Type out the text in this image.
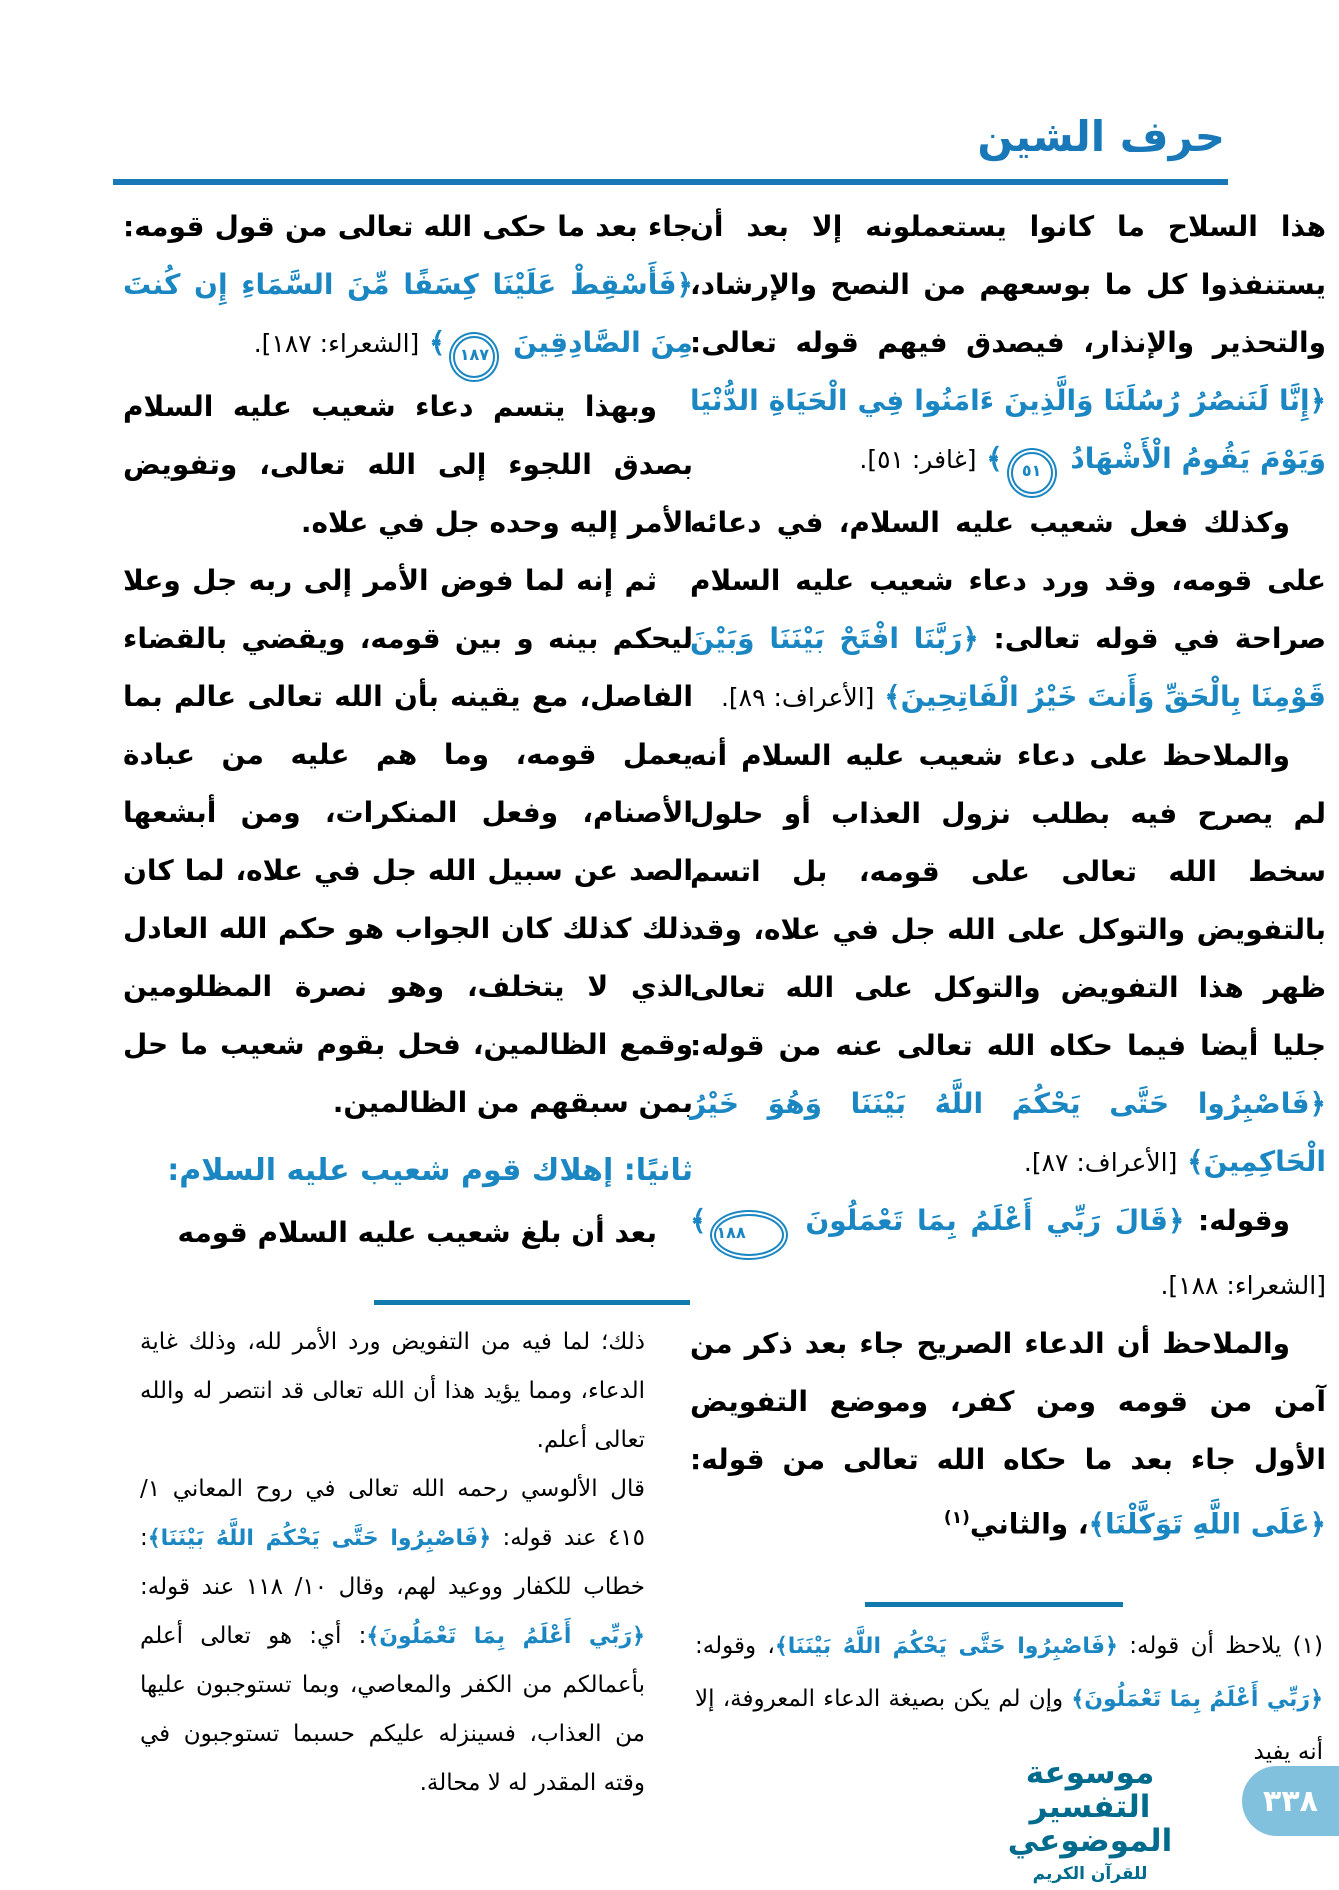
حرف الشين

هذا السلاح ما كانوا يستعملونه إلا بعد أن يستنفذوا كل ما بوسعهم من النصح والإرشاد، والتحذير والإنذار، فيصدق فيهم قوله تعالى: ﴿إِنَّا لَنَنصُرُ رُسُلَنَا وَالَّذِينَ ءَامَنُوا فِي الْحَيَاةِ الدُّنْيَا وَيَوْمَ يَقُومُ الْأَشْهَادُ ٥١﴾ [غافر: ٥١].

وكذلك فعل شعيب عليه السلام، في دعائه على قومه، وقد ورد دعاء شعيب عليه السلام صراحة في قوله تعالى: ﴿رَبَّنَا افْتَحْ بَيْنَنَا وَبَيْنَ قَوْمِنَا بِالْحَقِّ وَأَنتَ خَيْرُ الْفَاتِحِينَ﴾ [الأعراف: ٨٩].

والملاحظ على دعاء شعيب عليه السلام أنه لم يصرح فيه بطلب نزول العذاب أو حلول سخط الله تعالى على قومه، بل اتسم بالتفويض والتوكل على الله جل في علاه، وقد ظهر هذا التفويض والتوكل على الله تعالى جليا أيضا فيما حكاه الله تعالى عنه من قوله: ﴿فَاصْبِرُوا حَتَّى يَحْكُمَ اللَّهُ بَيْنَنَا وَهُوَ خَيْرُ الْحَاكِمِينَ﴾ [الأعراف: ٨٧].

وقوله: ﴿قَالَ رَبِّي أَعْلَمُ بِمَا تَعْمَلُونَ ١٨٨﴾ [الشعراء: ١٨٨].

والملاحظ أن الدعاء الصريح جاء بعد ذكر من آمن من قومه ومن كفر، وموضع التفويض الأول جاء بعد ما حكاه الله تعالى من قوله: ﴿عَلَى اللَّهِ تَوَكَّلْنَا﴾، والثاني$^{(١)}$

جاء بعد ما حكى الله تعالى من قول قومه: ﴿فَأَسْقِطْ عَلَيْنَا كِسَفًا مِّنَ السَّمَاءِ إِن كُنتَ مِنَ الصَّادِقِينَ ١٨٧﴾ [الشعراء: ١٨٧].

وبهذا يتسم دعاء شعيب عليه السلام بصدق اللجوء إلى الله تعالى، وتفويض الأمر إليه وحده جل في علاه.

ثم إنه لما فوض الأمر إلى ربه جل وعلا ليحكم بينه و بين قومه، ويقضي بالقضاء الفاصل، مع يقينه بأن الله تعالى عالم بما يعمل قومه، وما هم عليه من عبادة الأصنام، وفعل المنكرات، ومن أبشعها الصد عن سبيل الله جل في علاه، لما كان ذلك كذلك كان الجواب هو حكم الله العادل الذي لا يتخلف، وهو نصرة المظلومين وقمع الظالمين، فحل بقوم شعيب ما حل بمن سبقهم من الظالمين.

ثانيًا: إهلاك قوم شعيب عليه السلام:

بعد أن بلغ شعيب عليه السلام قومه

ذلك؛ لما فيه من التفويض ورد الأمر لله، وذلك غاية الدعاء، ومما يؤيد هذا أن الله تعالى قد انتصر له والله تعالى أعلم.

قال الألوسي رحمه الله تعالى في روح المعاني ١/ ٤١٥ عند قوله: ﴿فَاصْبِرُوا حَتَّى يَحْكُمَ اللَّهُ بَيْنَنَا﴾: خطاب للكفار ووعيد لهم، وقال ١٠/ ١١٨ عند قوله: ﴿رَبِّي أَعْلَمُ بِمَا تَعْمَلُونَ﴾: أي: هو تعالى أعلم بأعمالكم من الكفر والمعاصي، وبما تستوجبون عليها من العذاب، فسينزله عليكم حسبما تستوجبون في وقته المقدر له لا محالة.

(١) يلاحظ أن قوله: ﴿فَاصْبِرُوا حَتَّى يَحْكُمَ اللَّهُ بَيْنَنَا﴾، وقوله: ﴿رَبِّي أَعْلَمُ بِمَا تَعْمَلُونَ﴾ وإن لم يكن بصيغة الدعاء المعروفة، إلا أنه يفيد

موسوعة التفسير الموضوعي
للقرآن الكريم
٣٣٨
